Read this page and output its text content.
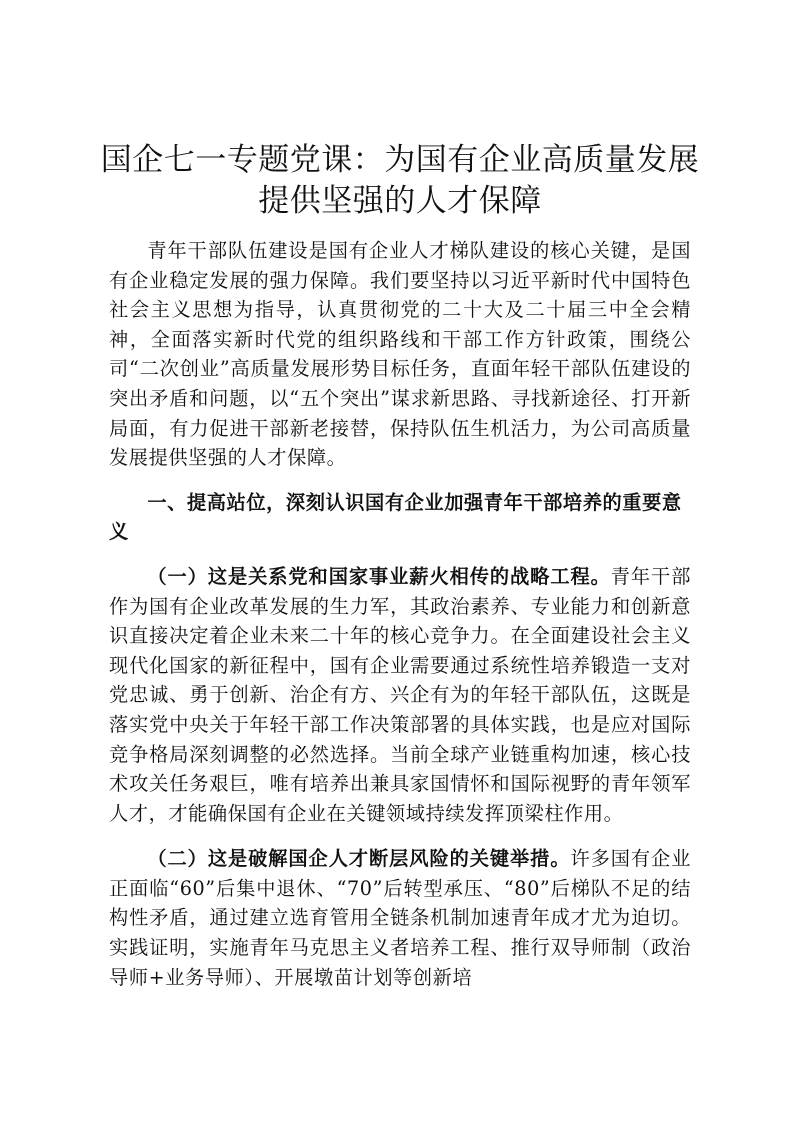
国企七一专题党课：为国有企业高质量发展提供坚强的人才保障

青年干部队伍建设是国有企业人才梯队建设的核心关键，是国有企业稳定发展的强力保障。我们要坚持以习近平新时代中国特色社会主义思想为指导，认真贯彻党的二十大及二十届三中全会精神，全面落实新时代党的组织路线和干部工作方针政策，围绕公司“二次创业”高质量发展形势目标任务，直面年轻干部队伍建设的突出矛盾和问题，以“五个突出”谋求新思路、寻找新途径、打开新局面，有力促进干部新老接替，保持队伍生机活力，为公司高质量发展提供坚强的人才保障。

一、提高站位，深刻认识国有企业加强青年干部培养的重要意义

（一）这是关系党和国家事业薪火相传的战略工程。青年干部作为国有企业改革发展的生力军，其政治素养、专业能力和创新意识直接决定着企业未来二十年的核心竞争力。在全面建设社会主义现代化国家的新征程中，国有企业需要通过系统性培养锻造一支对党忠诚、勇于创新、治企有方、兴企有为的年轻干部队伍，这既是落实党中央关于年轻干部工作决策部署的具体实践，也是应对国际竞争格局深刻调整的必然选择。当前全球产业链重构加速，核心技术攻关任务艰巨，唯有培养出兼具家国情怀和国际视野的青年领军人才，才能确保国有企业在关键领域持续发挥顶梁柱作用。

（二）这是破解国企人才断层风险的关键举措。许多国有企业正面临“60”后集中退休、“70”后转型承压、“80”后梯队不足的结构性矛盾，通过建立选育管用全链条机制加速青年成才尤为迫切。实践证明，实施青年马克思主义者培养工程、推行双导师制（政治导师+业务导师）、开展墩苗计划等创新培
